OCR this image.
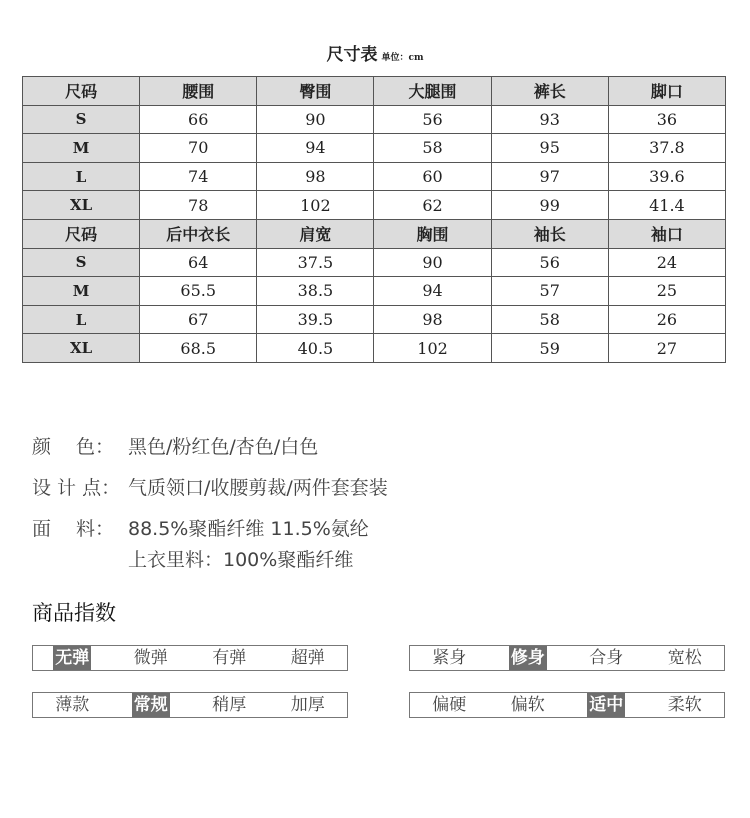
尺寸表 单位：cm
尺码	腰围	臀围	大腿围	裤长	脚口
S	66	90	56	93	36
M	70	94	58	95	37.8
L	74	98	60	97	39.6
XL	78	102	62	99	41.4
尺码	后中衣长	肩宽	胸围	袖长	袖口
S	64	37.5	90	56	24
M	65.5	38.5	94	57	25
L	67	39.5	98	58	26
XL	68.5	40.5	102	59	27
颜　 色： 黑色/粉红色/杏色/白色
设 计 点： 气质领口/收腰剪裁/两件套套装
面　 料： 88.5%聚酯纤维 11.5%氨纶
上衣里料：100%聚酯纤维
商品指数
无弹	微弹	有弹	超弹	紧身	修身	合身	宽松
薄款	常规	稍厚	加厚	偏硬	偏软	适中	柔软
